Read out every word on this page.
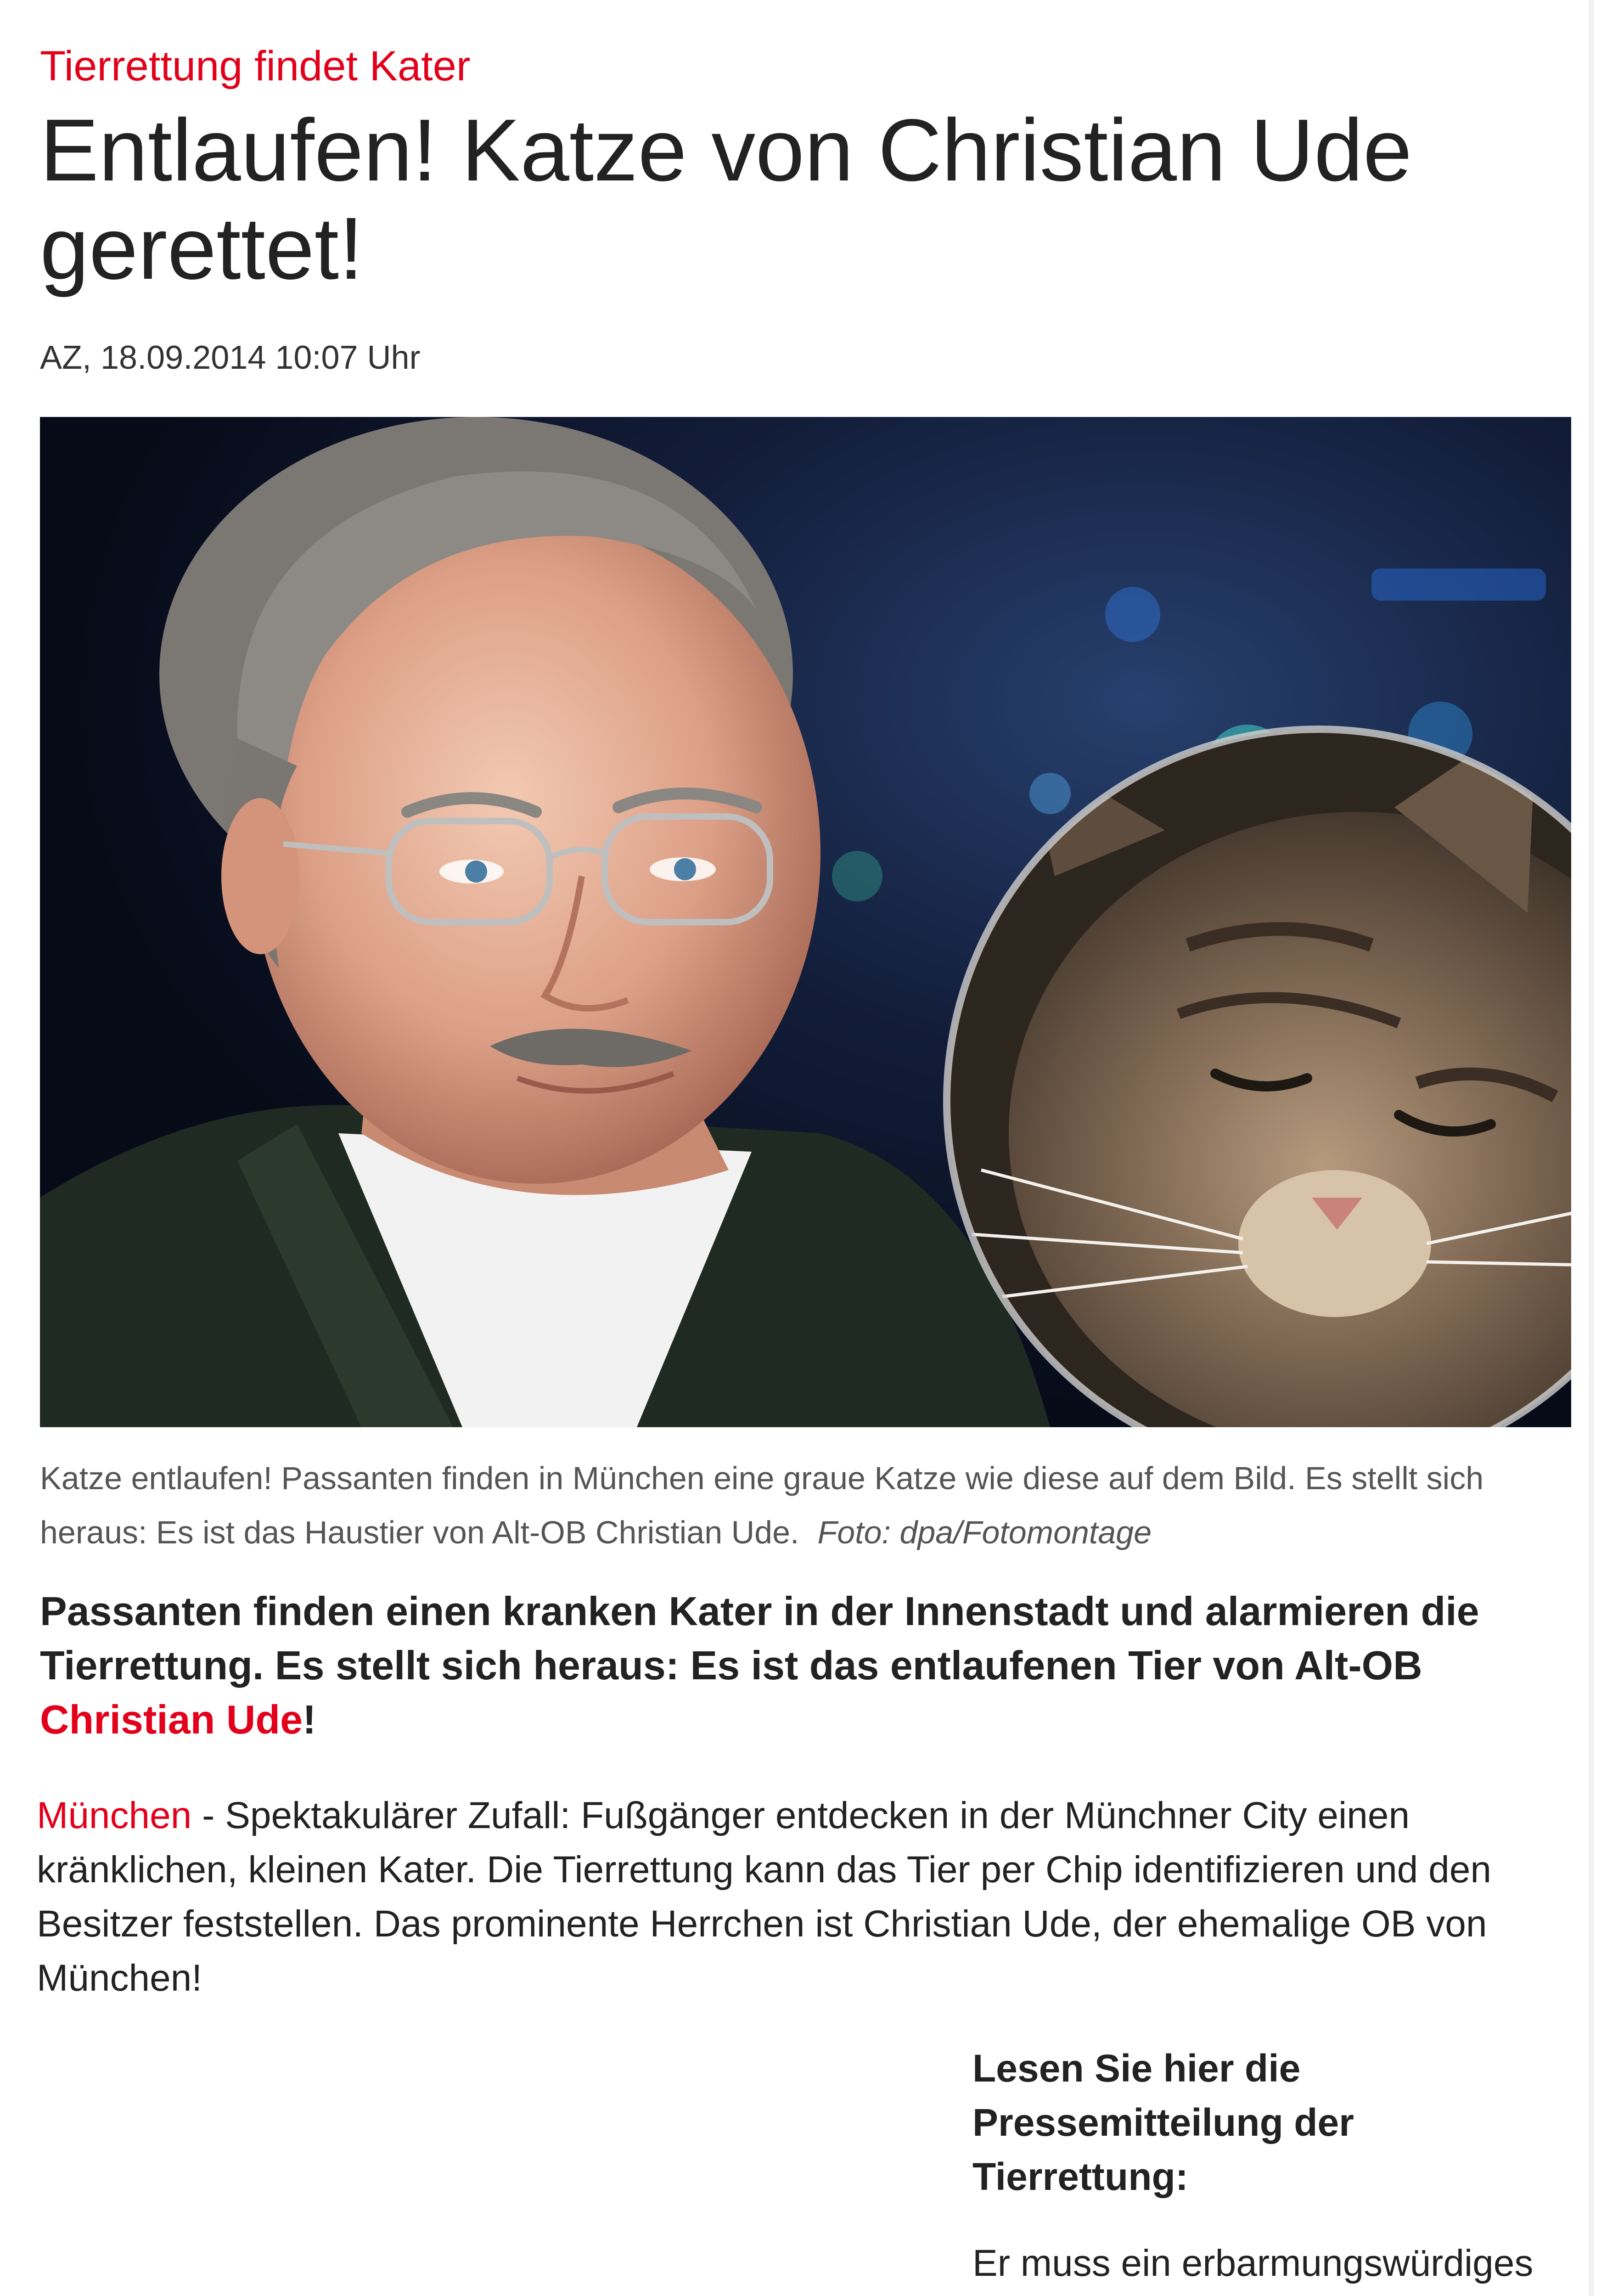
Tierrettung findet Kater
Entlaufen! Katze von Christian Ude gerettet!
AZ, 18.09.2014 10:07 Uhr
Katze entlaufen! Passanten finden in München eine graue Katze wie diese auf dem Bild. Es stellt sich heraus: Es ist das Haustier von Alt-OB Christian Ude. Foto: dpa/Fotomontage
Passanten finden einen kranken Kater in der Innenstadt und alarmieren die Tierrettung. Es stellt sich heraus: Es ist das entlaufenen Tier von Alt-OB Christian Ude!
München - Spektakulärer Zufall: Fußgänger entdecken in der Münchner City einen kränklichen, kleinen Kater. Die Tierrettung kann das Tier per Chip identifizieren und den Besitzer feststellen. Das prominente Herrchen ist Christian Ude, der ehemalige OB von München!
Lesen Sie hier die Pressemitteilung der Tierrettung:
Er muss ein erbarmungswürdiges
